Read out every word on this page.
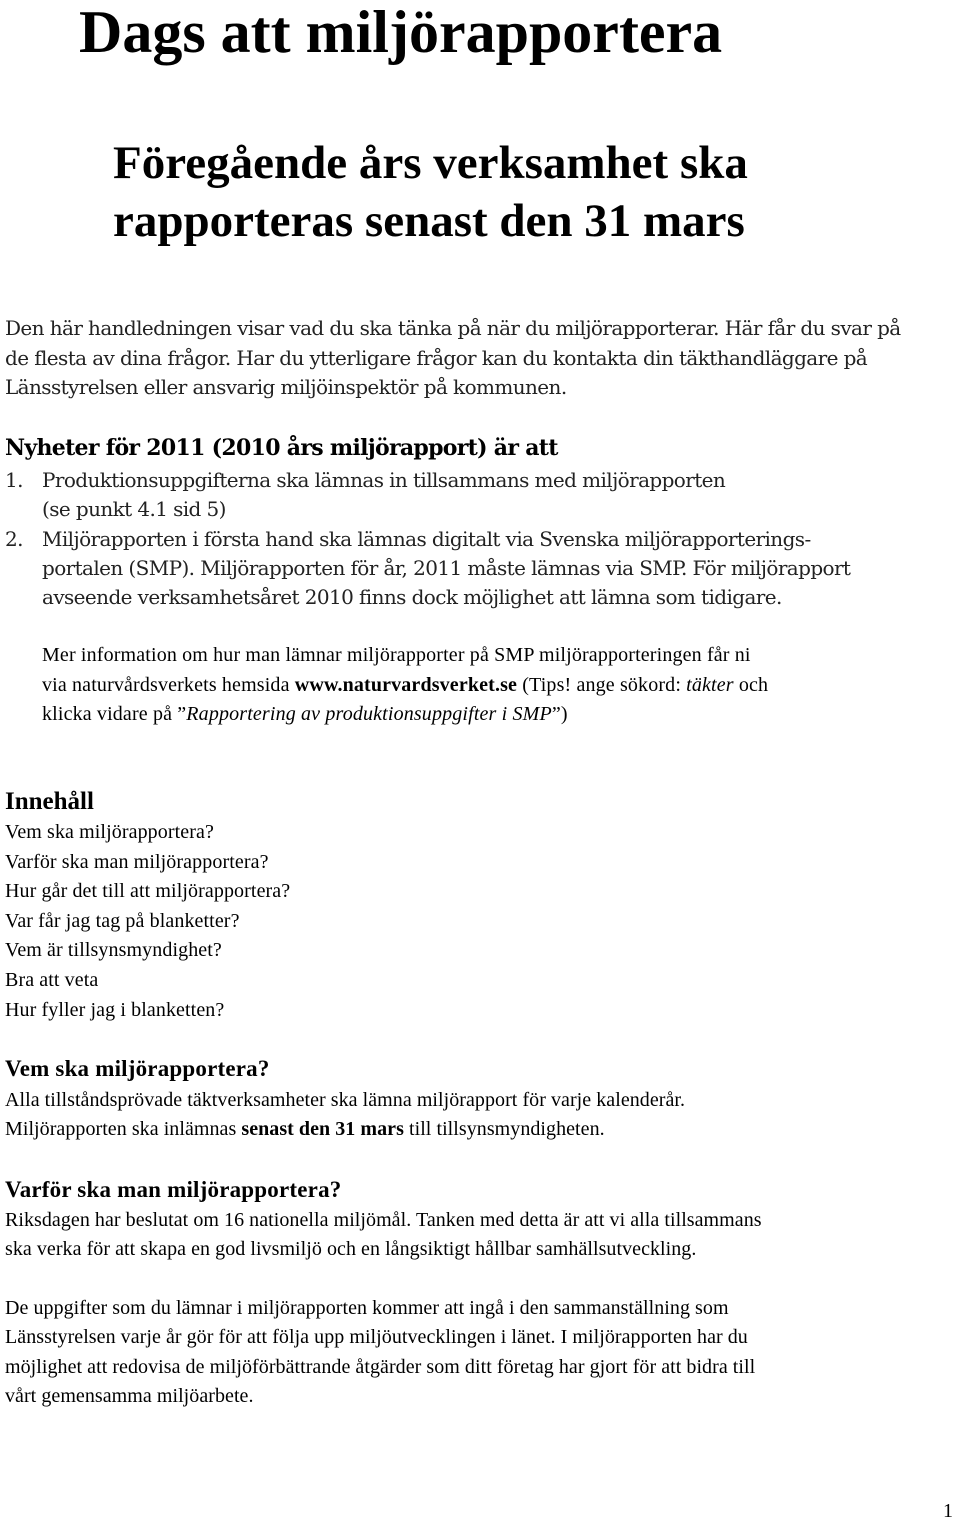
Dags att miljörapportera
Föregående års verksamhet ska
rapporteras senast den 31 mars
Den här handledningen visar vad du ska tänka på när du miljörapporterar. Här får du svar på
de flesta av dina frågor. Har du ytterligare frågor kan du kontakta din täkthandläggare på
Länsstyrelsen eller ansvarig miljöinspektör på kommunen.
Nyheter för 2011 (2010 års miljörapport) är att
1. Produktionsuppgifterna ska lämnas in tillsammans med miljörapporten
(se punkt 4.1 sid 5)
2. Miljörapporten i första hand ska lämnas digitalt via Svenska miljörapporterings-
portalen (SMP). Miljörapporten för år, 2011 måste lämnas via SMP. För miljörapport
avseende verksamhetsåret 2010 finns dock möjlighet att lämna som tidigare.
Mer information om hur man lämnar miljörapporter på SMP miljörapporteringen får ni
via naturvårdsverkets hemsida www.naturvardsverket.se (Tips! ange sökord: täkter och
klicka vidare på ”Rapportering av produktionsuppgifter i SMP”)
Innehåll
Vem ska miljörapportera?
Varför ska man miljörapportera?
Hur går det till att miljörapportera?
Var får jag tag på blanketter?
Vem är tillsynsmyndighet?
Bra att veta
Hur fyller jag i blanketten?
Vem ska miljörapportera?
Alla tillståndsprövade täktverksamheter ska lämna miljörapport för varje kalenderår.
Miljörapporten ska inlämnas senast den 31 mars till tillsynsmyndigheten.
Varför ska man miljörapportera?
Riksdagen har beslutat om 16 nationella miljömål. Tanken med detta är att vi alla tillsammans
ska verka för att skapa en god livsmiljö och en långsiktigt hållbar samhällsutveckling.
De uppgifter som du lämnar i miljörapporten kommer att ingå i den sammanställning som
Länsstyrelsen varje år gör för att följa upp miljöutvecklingen i länet. I miljörapporten har du
möjlighet att redovisa de miljöförbättrande åtgärder som ditt företag har gjort för att bidra till
vårt gemensamma miljöarbete.
1
